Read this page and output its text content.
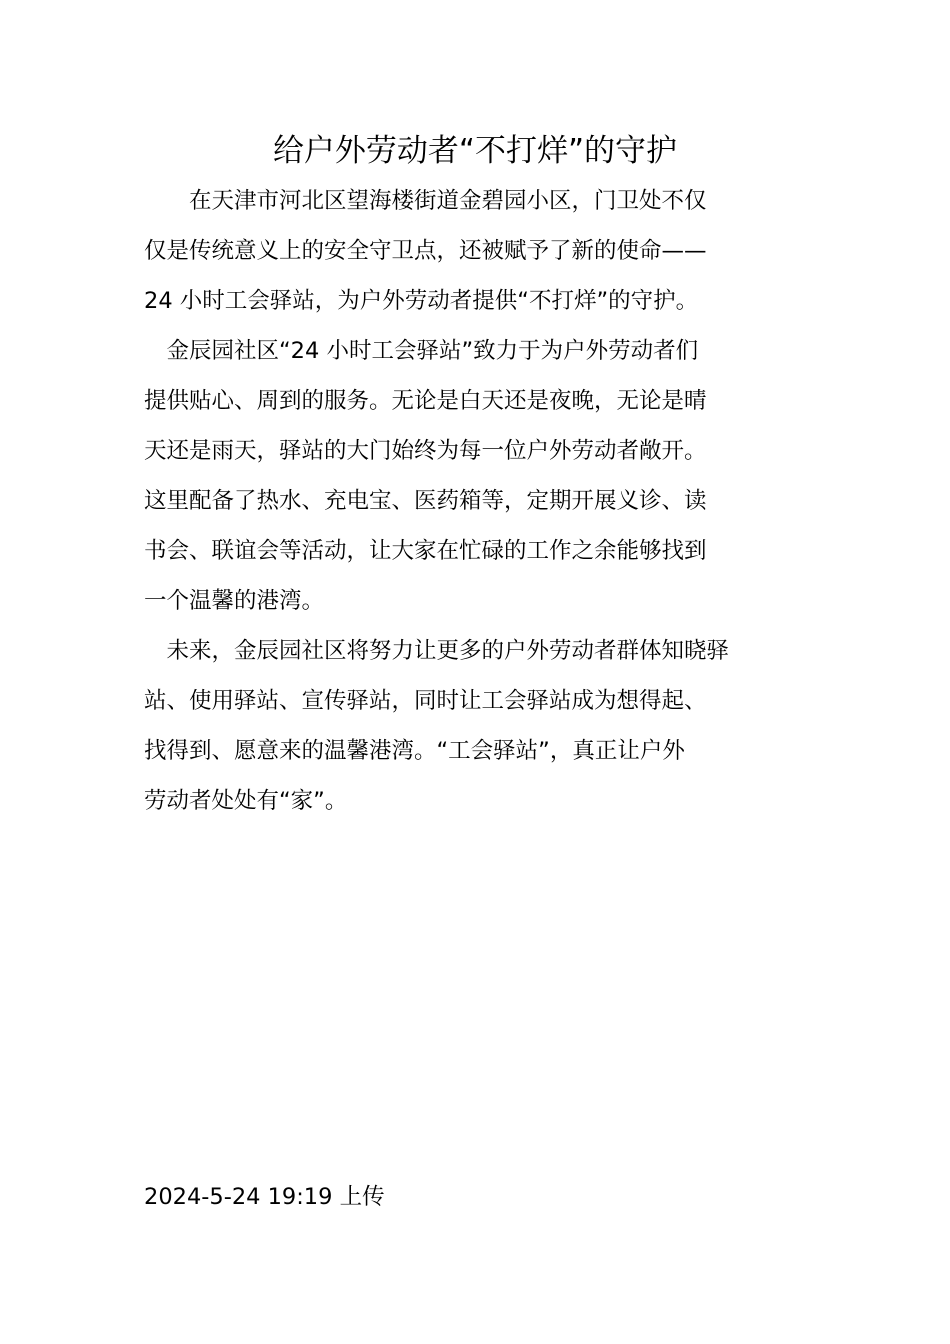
给户外劳动者“不打烊”的守护

　　在天津市河北区望海楼街道金碧园小区，门卫处不仅

仅是传统意义上的安全守卫点，还被赋予了新的使命——

24 小时工会驿站，为户外劳动者提供“不打烊”的守护。

  金辰园社区“24 小时工会驿站”致力于为户外劳动者们

提供贴心、周到的服务。无论是白天还是夜晚，无论是晴

天还是雨天，驿站的大门始终为每一位户外劳动者敞开。

这里配备了热水、充电宝、医药箱等，定期开展义诊、读

书会、联谊会等活动，让大家在忙碌的工作之余能够找到

一个温馨的港湾。

  未来，金辰园社区将努力让更多的户外劳动者群体知晓驿

站、使用驿站、宣传驿站，同时让工会驿站成为想得起、

找得到、愿意来的温馨港湾。“工会驿站”，真正让户外

劳动者处处有“家”。

2024-5-24 19:19 上传
